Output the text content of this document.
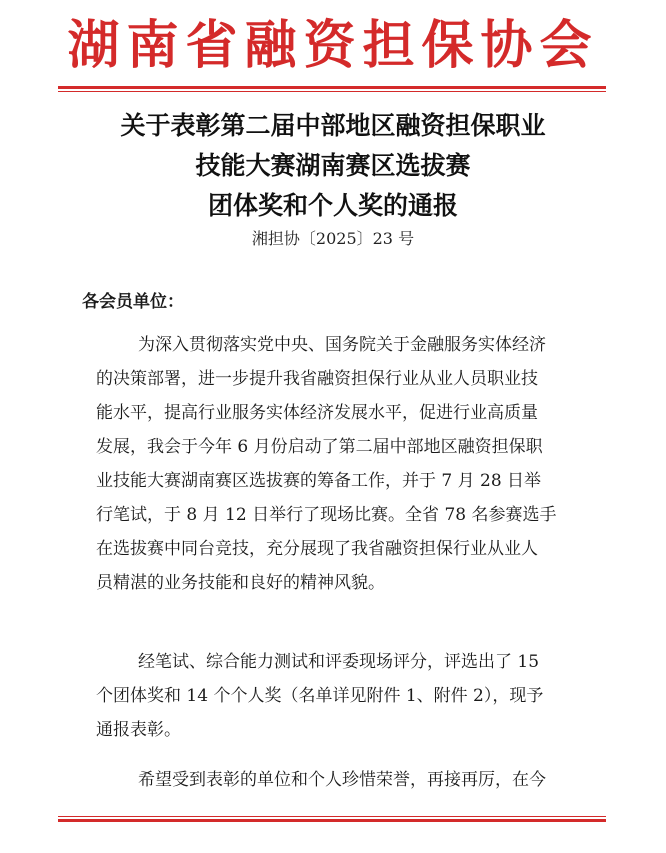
湖南省融资担保协会
关于表彰第二届中部地区融资担保职业
技能大赛湖南赛区选拔赛
团体奖和个人奖的通报
湘担协〔2025〕23 号
各会员单位：
为深入贯彻落实党中央、国务院关于金融服务实体经济
的决策部署，进一步提升我省融资担保行业从业人员职业技
能水平，提高行业服务实体经济发展水平，促进行业高质量
发展，我会于今年 6 月份启动了第二届中部地区融资担保职
业技能大赛湖南赛区选拔赛的筹备工作，并于 7 月 28 日举
行笔试，于 8 月 12 日举行了现场比赛。全省 78 名参赛选手
在选拔赛中同台竞技，充分展现了我省融资担保行业从业人
员精湛的业务技能和良好的精神风貌。
经笔试、综合能力测试和评委现场评分，评选出了 15
个团体奖和 14 个个人奖（名单详见附件 1、附件 2），现予
通报表彰。
希望受到表彰的单位和个人珍惜荣誉，再接再厉，在今
